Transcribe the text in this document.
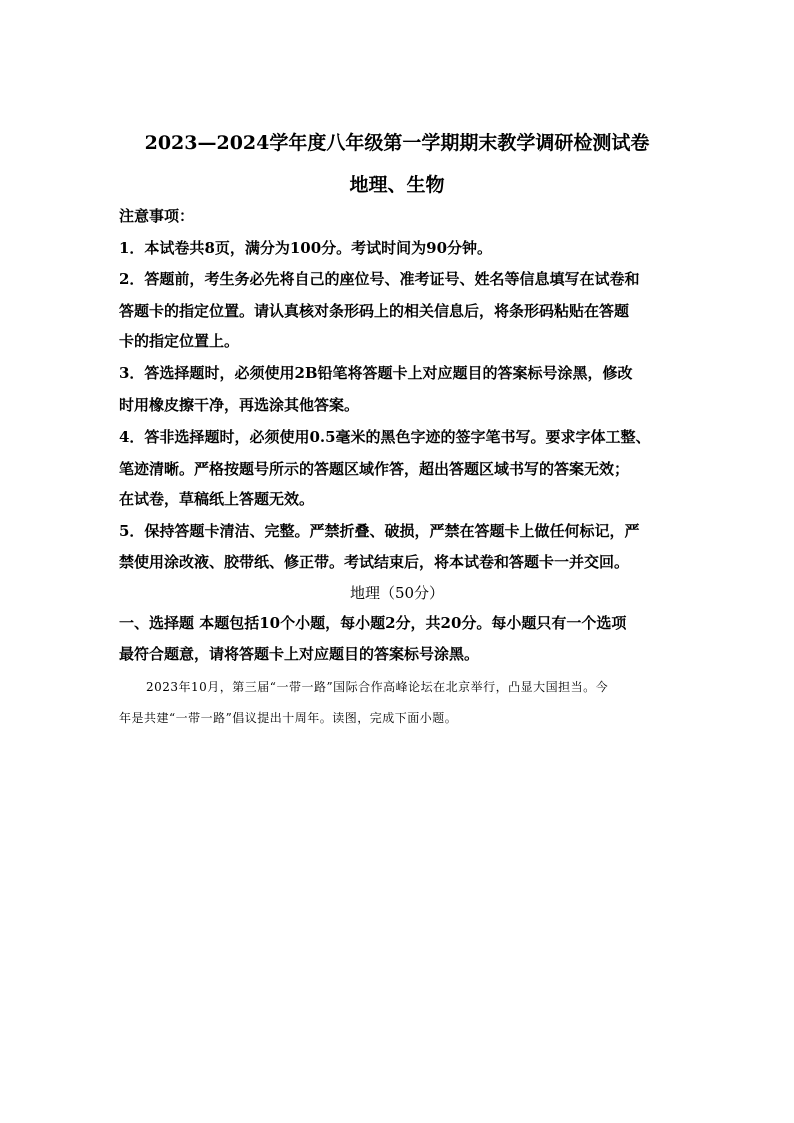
2023—2024学年度八年级第一学期期末教学调研检测试卷
地理、生物
注意事项：
1．本试卷共8页，满分为100分。考试时间为90分钟。
2．答题前，考生务必先将自己的座位号、准考证号、姓名等信息填写在试卷和
答题卡的指定位置。请认真核对条形码上的相关信息后，将条形码粘贴在答题
卡的指定位置上。
3．答选择题时，必须使用2B铅笔将答题卡上对应题目的答案标号涂黑，修改
时用橡皮擦干净，再选涂其他答案。
4．答非选择题时，必须使用0.5毫米的黑色字迹的签字笔书写。要求字体工整、
笔迹清晰。严格按题号所示的答题区域作答，超出答题区域书写的答案无效；
在试卷，草稿纸上答题无效。
5．保持答题卡清洁、完整。严禁折叠、破损，严禁在答题卡上做任何标记，严
禁使用涂改液、胶带纸、修正带。考试结束后，将本试卷和答题卡一并交回。
地理（50分）
一、选择题 本题包括10个小题，每小题2分，共20分。每小题只有一个选项
最符合题意，请将答题卡上对应题目的答案标号涂黑。
2023年10月，第三届“一带一路”国际合作高峰论坛在北京举行，凸显大国担当。今
年是共建“一带一路”倡议提出十周年。读图，完成下面小题。
